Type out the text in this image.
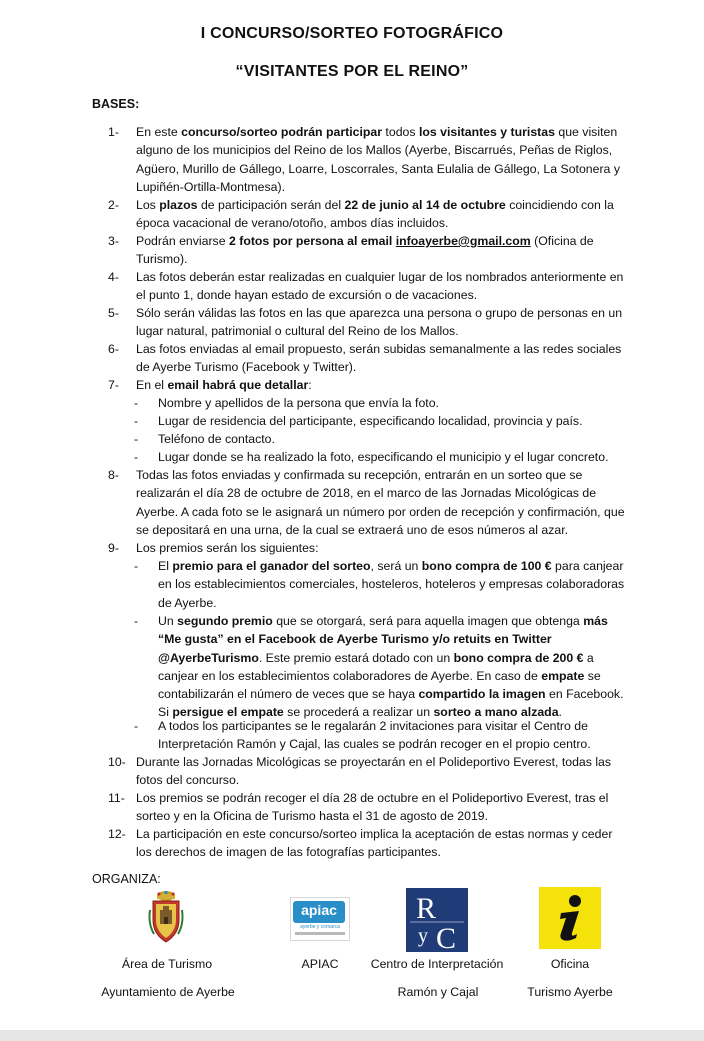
I CONCURSO/SORTEO FOTOGRÁFICO
“VISITANTES POR EL REINO”
BASES:
1-	En este concurso/sorteo podrán participar todos los visitantes y turistas que visiten alguno de los municipios del Reino de los Mallos (Ayerbe, Biscarrués, Peñas de Riglos, Agüero, Murillo de Gállego, Loarre, Loscorrales, Santa Eulalia de Gállego, La Sotonera y Lupiñén-Ortilla-Montmesa).
2-	Los plazos de participación serán del 22 de junio al 14 de octubre coincidiendo con la época vacacional de verano/otoño, ambos días incluidos.
3-	Podrán enviarse 2 fotos por persona al email infoayerbe@gmail.com (Oficina de Turismo).
4-	Las fotos deberán estar realizadas en cualquier lugar de los nombrados anteriormente en el punto 1, donde hayan estado de excursión o de vacaciones.
5-	Sólo serán válidas las fotos en las que aparezca una persona o grupo de personas en un lugar natural, patrimonial o cultural del Reino de los Mallos.
6-	Las fotos enviadas al email propuesto, serán subidas semanalmente a las redes sociales de Ayerbe Turismo (Facebook y Twitter).
7-	En el email habrá que detallar:
- Nombre y apellidos de la persona que envía la foto.
- Lugar de residencia del participante, especificando localidad, provincia y país.
- Teléfono de contacto.
- Lugar donde se ha realizado la foto, especificando el municipio y el lugar concreto.
8-	Todas las fotos enviadas y confirmada su recepción, entrarán en un sorteo que se realizarán el día 28 de octubre de 2018, en el marco de las Jornadas Micológicas de Ayerbe. A cada foto se le asignará un número por orden de recepción y confirmación, que se depositará en una urna, de la cual se extraerá uno de esos números al azar.
9-	Los premios serán los siguientes:
- El premio para el ganador del sorteo, será un bono compra de 100 € para canjear en los establecimientos comerciales, hosteleros, hoteleros y empresas colaboradoras de Ayerbe.
- Un segundo premio que se otorgará, será para aquella imagen que obtenga más “Me gusta” en el Facebook de Ayerbe Turismo y/o retuits en Twitter @AyerbeTurismo. Este premio estará dotado con un bono compra de 200 € a canjear en los establecimientos colaboradores de Ayerbe. En caso de empate se contabilizarán el número de veces que se haya compartido la imagen en Facebook. Si persigue el empate se procederá a realizar un sorteo a mano alzada.
- A todos los participantes se le regalarán 2 invitaciones para visitar el Centro de Interpretación Ramón y Cajal, las cuales se podrán recoger en el propio centro.
10- Durante las Jornadas Micológicas se proyectarán en el Polideportivo Everest, todas las fotos del concurso.
11- Los premios se podrán recoger el día 28 de octubre en el Polideportivo Everest, tras el sorteo y en la Oficina de Turismo hasta el 31 de agosto de 2019.
12- La participación en este concurso/sorteo implica la aceptación de estas normas y ceder los derechos de imagen de las fotografías participantes.
ORGANIZA:
apiac
ayerbe y comarca
R
y C
Área de Turismo
Ayuntamiento de Ayerbe
APIAC	Centro de Interpretación
Ramón y Cajal
Oficina
Turismo Ayerbe
